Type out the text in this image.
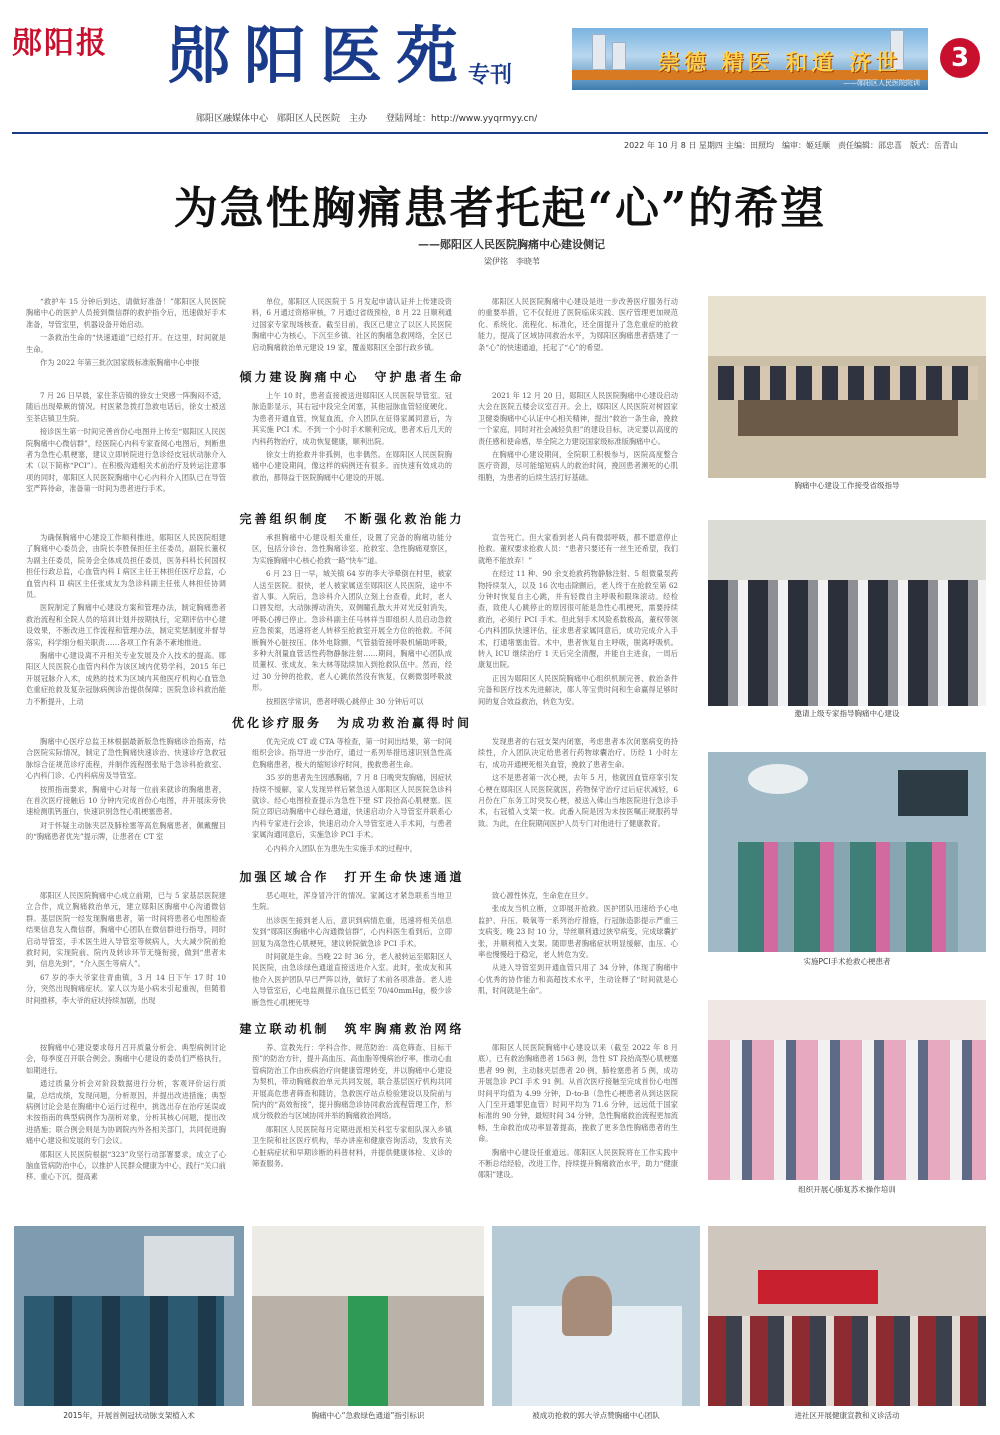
郧阳报 郧阳医苑
专刊
郧阳区融媒体中心　郧阳区人民医院　主办 登陆网址：http://www.yyqrmyy.cn/
崇德 精医 和道 济世
——郧阳区人民医院院训
3
2022 年 10 月 8 日 星期四 主编：田照均　编审：姬廷顺　责任编辑：邵忠喜　版式：岳青山
为急性胸痛患者托起“心”的希望
——郧阳区人民医院胸痛中心建设侧记
梁伊铭　李晓苇

“救护车 15 分钟后到达，请做好准备！”郧阳区人民医院胸痛中心的医护人员接到微信群的救护指令后，迅速做好手术准备，导管室里，机器设备开始启动。

一条救治生命的“快速通道”已经打开。在这里，时间就是生命。

作为 2022 年第三批次国家级标准版胸痛中心申报

单位，郧阳区人民医院于 5 月发起申请认证并上传建设资料，6 月通过资格审核，7 月通过省级预检，8 月 22 日顺利通过国家专家现场核查。截至目前，我区已建立了以区人民医院胸痛中心为核心，下沉至乡镇、社区的胸痛急救网络，全区已启动胸痛救治单元建设 19 家，覆盖郧阳区全部行政乡镇。

郧阳区人民医院胸痛中心建设是进一步改善医疗服务行动的重要举措，它不仅促进了医院临床实践、医疗管理更加规范化、系统化、流程化、标准化，还全面提升了急危重症的抢救能力，提高了区域协同救治水平，为郧阳区胸痛患者搭建了一条“心”的快速通道，托起了“心”的希望。

倾力建设胸痛中心　守护患者生命

7 月 26 日早晨，家住茶店镇的徐女士突感一阵胸闷不适，随后出现晕厥的情况。村医紧急拨打急救电话后，徐女士被送至茶店镇卫生院。

接诊医生第一时间完善首份心电图并上传至“郧阳区人民医院胸痛中心微信群”，经医院心内科专家查阅心电图后，判断患者为急性心肌梗塞，建议立即转院进行急诊经皮冠状动脉介入术（以下简称“PCI”）。在积极沟通相关术前治疗及转运注意事项的同时，郧阳区人民医院胸痛中心心内科介入团队已在导管室严阵待命，准备第一时间为患者进行手术。

上午 10 时，患者直接被送进郧阳区人民医院导管室。冠脉造影显示，其右冠中段完全闭塞，其他冠脉血管轻度硬化。为患者开通血管，恢复血流，介入团队在征得家属同意后，为其实施 PCI 术。不到一个小时手术顺利完成，患者术后几天的内科药物治疗，成功恢复健康，顺利出院。

徐女士的抢救并非孤例，也非偶然。在郧阳区人民医院胸痛中心建设期间，像这样的病例还有很多。而快速有效成功的救治，都得益于医院胸痛中心建设的开展。

2021 年 12 月 20 日，郧阳区人民医院胸痛中心建设启动大会在医院五楼会议室召开。会上，郧阳区人民医院对树固家卫健委胸痛中心认证中心相关精神，提出“救治一条生命，挽救一个家庭，同时对社会减轻负担”的建设目标，决定要以高度的责任感和使命感，举全院之力建设国家级标准版胸痛中心。

在胸痛中心建设期间，全院职工积极参与，医院高度整合医疗资源，尽可能缩短病人的救治时间，挽回患者濒死的心肌细胞，为患者的后续生活打好基础。

完善组织制度　不断强化救治能力

为确保胸痛中心建设工作顺利推进，郧阳区人民医院组建了胸痛中心委员会，由院长李胜保担任主任委员，副院长董权为副主任委员，院务会全体成员担任委员，医务科科长何国权担任行政总监，心血管内科 I 病区主任王林担任医疗总监，心血管内科 II 病区主任张成友为急诊科副主任张人林担任协调员。

医院制定了胸痛中心建设方案和管理办法，制定胸痛患者救治流程和全院人员的培训计划并按期执行，定期评估中心建设效果，不断改进工作流程和管理办法，制定奖惩制度并督导落实，科学细分相关职责……各项工作有条不紊地推进。

胸痛中心建设离不开相关专业发展及介入技术的提高。郧阳区人民医院心血管内科作为该区域内优势学科，2015 年已开展冠脉介入术，成熟的技术为区域内其他医疗机构心血管急危重症抢救及复杂冠脉病例诊治提供保障；医院急诊科救治能力不断提升，上动

承担胸痛中心建设相关重任，设置了完备的胸痛功能分区，包括分诊台、急性胸痛诊室、抢救室、急性胸痛观察区，为实施胸痛中心核心抢救一路“快车”道。

6 月 23 日一早，城关镇 64 岁的李大爷晕倒在村里，被家人送至医院。很快，老人被家属送至郧阳区人民医院，途中不省人事。入院后，急诊科介入团队立刻上台查看，此时，老人口唇发绀，大动脉搏动消失，双侧瞳孔散大并对光反射消失，呼吸心搏已停止。急诊科副主任马林祥当即组织人员启动急救应急预案，迅速将老人转移至抢救室开展全方位的抢救。不间断胸外心脏按压、体外电除颤、气管插管接呼吸机辅助呼吸，多种大剂量血管活性药物静脉注射……期间，胸痛中心团队成员董权、张成友、朱大林等陆续加入到抢救队伍中。然而，经过 30 分钟的抢救，老人心跳依然没有恢复，仅剩微弱呼吸波形。

按照医学常识，患者呼吸心跳停止 30 分钟后可以

宣告死亡。但大家看到老人尚有微弱呼吸，都不愿意停止抢救。董权要求抢救人员：“患者只要还有一丝生还希望，我们就绝不能放弃！”

在经过 11 种、90 余支抢救药物静脉注射、5 组微量泵药物持续泵入，以及 16 次电击除颤后，老人终于在抢救至第 62 分钟时恢复自主心跳，并有轻微自主呼吸和眼珠滚动。经检查，致使人心跳停止的原因很可能是急性心肌梗死，需要持续救治，必须行 PCI 手术。但此刻手术风险系数极高，董权带领心内科团队快速评估，征求患者家属同意后，成功完成介入手术，打通堵塞血管。术中，患者恢复自主呼吸，脱离呼吸机。转入 ICU 继续治疗 1 天后完全清醒，并能自主进食，一周后康复出院。

正因为郧阳区人民医院胸痛中心组织机制完善、救治条件完备和医疗技术先进解决，郧人等宝贵时间和生命赢得足够时间的复合效益救治，转危为安。

优化诊疗服务　为成功救治赢得时间

胸痛中心医疗总监王林根据最新版急性胸痛诊治指南，结合医院实际情况，制定了急性胸痛快速诊治、快速诊疗急救冠脉综合征规范诊疗流程，并制作流程图张贴于急诊科抢救室、心内科门诊、心内科病房及导管室。

按照指南要求，胸痛中心对每一位前来就诊的胸痛患者，在首次医疗接触后 10 分钟内完成首份心电图，并开展床旁快速检测肌钙蛋白，快速识别急性心肌梗塞患者。

对于怀疑主动脉夹层及肺栓塞等高危胸痛患者，佩戴醒目的“胸痛患者优先”提示牌，让患者在 CT 室

优先完成 CT 或 CTA 等检查，第一时间出结果，第一时间组织会诊。指导进一步治疗，通过一系列举措迅速识别急性高危胸痛患者，极大的缩短诊疗时间，挽救患者生命。

35 岁的患者先生因感胸痛，7 月 8 日晚突发胸痛，因症状持续不缓解，家人发现异样后紧急送入郧阳区人民医院急诊科就诊。经心电图检查提示为急性下壁 ST 段抬高心肌梗塞。医院立即启动胸痛中心绿色通道，快速启动介入导管室并联系心内科专家进行会诊，快速启动介入导管室进入手术间，与患者家属沟通同意后，实施急诊 PCI 手术。

心内科介入团队在为患先生实施手术的过程中，

发现患者的右冠支架内闭塞，考虑患者本次闭塞病变的持续性，介入团队决定给患者行药物球囊治疗。历经 1 小时左右，成功开通梗死相关血管，挽救了患者生命。

这不是患者第一次心梗，去年 5 月，他就因血管痉挛引发心梗在郧阳区人民医院就医，药物保守治疗过后症状减轻，6 月份在广东务工时突发心梗，被送入佛山当地医院进行急诊手术，右冠植入支架一枚。此番入院是因为未按医嘱正规服药导致。为此，在住院期间医护人员专门对他进行了健康教育。

加强区域合作　打开生命快速通道

郧阳区人民医院胸痛中心成立前期，已与 5 家基层医院建立合作，成立胸痛救治单元，建立郧阳区胸痛中心沟通微信群。基层医院一经发现胸痛患者，第一时间将患者心电图检查结果信息发入微信群，胸痛中心团队在微信群进行指导，同时启动导管室，手术医生进入导管室等候病人，大大减少院前抢救时间，实现院前、院内及转诊环节无缝衔接，做到“患者未到，信息先到”，“介入医生等病人”。

67 岁的李大爷家住青曲镇，3 月 14 日下午 17 时 10 分，突然出现胸痛症状。家人以为是小病未引起重视，但随着时间推移，李大爷的症状持续加剧，出现

恶心呕吐，浑身冒冷汗的情况。家属这才紧急联系当地卫生院。

出诊医生接到老人后，意识到病情危重，迅速将相关信息发到“郧阳区胸痛中心沟通微信群”，心内科医生看到后，立即回复为高急性心肌梗死，建议转院做急诊 PCI 手术。

时间就是生命。当晚 22 时 36 分，老人被转运至郧阳区人民医院，由急诊绿色通道直接送进介入室。此时，张成友和其他介入医护团队早已严阵以待，做好了术前各项准备。老人进入导管室后，心电监测提示血压已低至 70/40mmHg，极少诊断急性心肌梗死导

致心源性休克，生命危在旦夕。

张成友当机立断，立即展开抢救。医护团队迅速给予心电监护、升压、吸氧等一系列治疗措施，行冠脉造影提示严重三支病变。晚 23 时 10 分，导丝顺利通过狭窄病变，完成球囊扩张，并顺利植入支架。随即患者胸痛症状明显缓解，血压、心率也慢慢趋于稳定，老人转危为安。

从进入导管室到开通血管只用了 34 分钟，体现了胸痛中心优秀的协作能力和高超技术水平，生动诠释了“时间就是心肌，时间就是生命”。

建立联动机制　筑牢胸痛救治网络

按胸痛中心建设要求每月召开质量分析会、典型病例讨论会，每季度召开联合例会。胸痛中心建设的委员们严格执行，如期进行。

通过质量分析会对阶段数据进行分析，客观评价运行质量，总结成绩，发现问题，分析原因，并提出改进措施；典型病例讨论会是在胸痛中心运行过程中，挑选出存在治疗延误或未按指南的典型病例作为剖析对象，分析其核心问题，提出改进措施；联合例会则是为协调院内外各相关部门，共同促进胸痛中心建设和发展的专门会议。

郧阳区人民医院根据“323”攻坚行动部署要求，成立了心脑血管病防治中心，以推护人民群众健康为中心，践行“关口前移、重心下沉、提高素

养、宣教先行：学科合作、规范防治：高危筛查、目标干预”的防治方针，提升高血压、高血脂等慢病治疗率，推动心血管病防治工作由疾病治疗向健康管理转变，并以胸痛中心建设为契机，带动胸痛救治单元共同发展，联合基层医疗机构共同开展高危患者筛查和随访，急救医疗站点检验建设以及院前与院内的“高效衔接”，提升胸痛急诊协同救治流程管理工作，形成分级救治与区域协同并举的胸痛救治网络。

郧阳区人民医院每月定期进派相关科室专家组队深入乡镇卫生院和社区医疗机构，举办讲座和健康咨询活动，发放有关心脏病症状和早期诊断的科普材料，并提供健康体检、义诊的筛查服务。

郧阳区人民医院胸痛中心建设以来（截至 2022 年 8 月底），已有救治胸痛患者 1563 例，急性 ST 段抬高型心肌梗塞患者 99 例，主动脉夹层患者 20 例，肺栓塞患者 5 例，成功开展急诊 PCI 手术 91 例。从首次医疗接触至完成首份心电图时间平均值为 4.99 分钟，D-to-B（急性心梗患者从到达医院入门至开通罪犯血管）时间平均为 71.6 分钟，远远低于国家标准的 90 分钟，最短时间 34 分钟，急性胸痛救治流程更加流畅，生命救治成功率显著提高，挽救了更多急性胸痛患者的生命。

胸痛中心建设任重道远。郧阳区人民医院将在工作实践中不断总结经验，改进工作，持续提升胸痛救治水平，助力“健康郧阳”建设。

胸痛中心建设工作接受省级指导
邀请上级专家指导胸痛中心建设
实施PCI手术抢救心梗患者
组织开展心肺复苏术操作培训
2015年，开展首例冠状动脉支架植入术	胸痛中心“急救绿色通道”指引标识	被成功抢救的郭大爷点赞胸痛中心团队	进社区开展健康宣教和义诊活动
